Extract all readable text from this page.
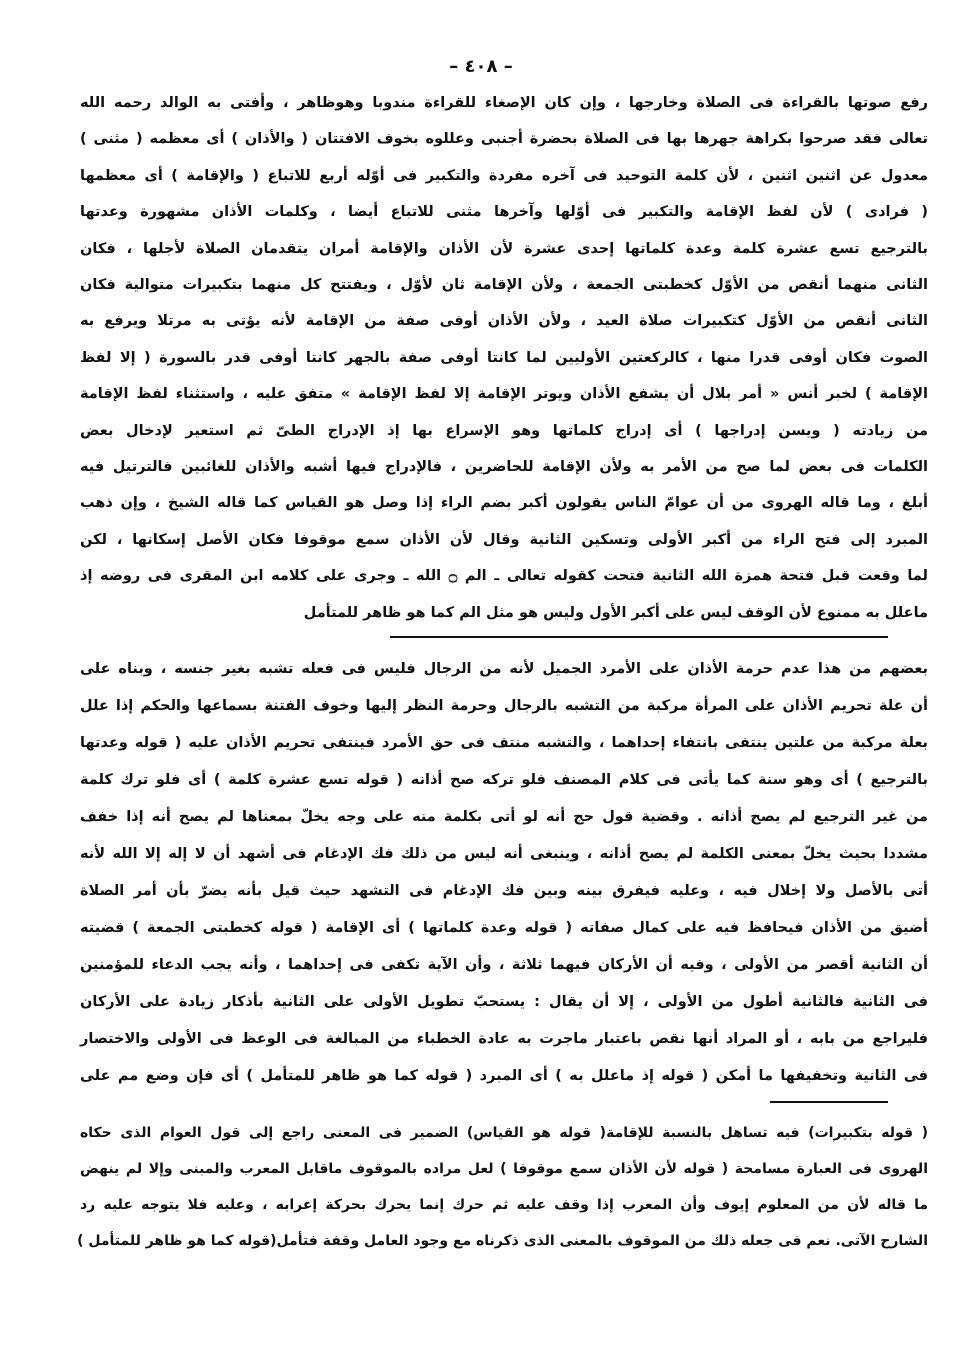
– ٤٠٨ –
رفع صوتها بالقراءة فى الصلاة وخارجها ، وإن كان الإصغاء للقراءة مندوبا وهوظاهر ، وأفتى به الوالد رحمه الله
تعالى فقد صرحوا بكراهة جهرها بها فى الصلاة بحضرة أجنبى وعللوه بخوف الافتتان ( والأذان ) أى معظمه ( مثنى )
معدول عن اثنين اثنين ، لأن كلمة التوحيد فى آخره مفردة والتكبير فى أوّله أربع للاتباع ( والإقامة ) أى معظمها
( فرادى ) لأن لفظ الإقامة والتكبير فى أوّلها وآخرها مثنى للاتباع أيضا ، وكلمات الأذان مشهورة وعدتها
بالترجيع تسع عشرة كلمة وعدة كلماتها إحدى عشرة لأن الأذان والإقامة أمران يتقدمان الصلاة لأجلها ، فكان
الثانى منهما أنقص من الأوّل كخطبتى الجمعة ، ولأن الإقامة ثان لأوّل ، ويفتتح كل منهما بتكبيرات متوالية فكان
الثانى أنقص من الأوّل كتكبيرات صلاة العيد ، ولأن الأذان أوفى صفة من الإقامة لأنه يؤتى به مرتلا ويرفع به
الصوت فكان أوفى قدرا منها ، كالركعتين الأوليين لما كانتا أوفى صفة بالجهر كانتا أوفى قدر بالسورة ( إلا لفظ
الإقامة ) لخبر أنس « أمر بلال أن يشفع الأذان ويوتر الإقامة إلا لفظ الإقامة » متفق عليه ، واستثناء لفظ الإقامة
من زيادته ( ويسن إدراجها ) أى إدراج كلماتها وهو الإسراع بها إذ الإدراج الطىّ ثم استعير لإدخال بعض
الكلمات فى بعض لما صح من الأمر به ولأن الإقامة للحاضرين ، فالإدراج فيها أشبه والأذان للغائبين فالترتيل فيه
أبلغ ، وما قاله الهروى من أن عوامّ الناس يقولون أكبر بضم الراء إذا وصل هو القياس كما قاله الشيخ ، وإن ذهب
المبرد إلى فتح الراء من أكبر الأولى وتسكين الثانية وقال لأن الأذان سمع موقوفا فكان الأصل إسكانها ، لكن
لما وقعت قبل فتحة همزة الله الثانية فتحت كقوله تعالى ـ الم ۝ الله ـ وجرى على كلامه ابن المقرى فى روضه إذ
ماعلل به ممنوع لأن الوقف ليس على أكبر الأول وليس هو مثل الم كما هو ظاهر للمتأمل
بعضهم من هذا عدم حرمة الأذان على الأمرد الجميل لأنه من الرجال فليس فى فعله تشبه بغير جنسه ، وبناه على
أن علة تحريم الأذان على المرأة مركبة من التشبه بالرجال وحرمة النظر إليها وخوف الفتنة بسماعها والحكم إذا علل
بعلة مركبة من علتين ينتفى بانتفاء إحداهما ، والتشبه منتف فى حق الأمرد فينتفى تحريم الأذان عليه ( قوله وعدتها
بالترجيع ) أى وهو سنة كما يأتى فى كلام المصنف فلو تركه صح أذانه ( قوله تسع عشرة كلمة ) أى فلو ترك كلمة
من غير الترجيع لم يصح أذانه . وقضية قول حج أنه لو أتى بكلمة منه على وجه يخلّ بمعناها لم يصح أنه إذا خفف
مشددا بحيث يخلّ بمعنى الكلمة لم يصح أذانه ، وينبغى أنه ليس من ذلك فك الإدغام فى أشهد أن لا إله إلا الله لأنه
أتى بالأصل ولا إخلال فيه ، وعليه فيفرق بينه وبين فك الإدغام فى التشهد حيث قيل بأنه يضرّ بأن أمر الصلاة
أضيق من الأذان فيحافظ فيه على كمال صفاته ( قوله وعدة كلماتها ) أى الإقامة ( قوله كخطبتى الجمعة ) قضيته
أن الثانية أقصر من الأولى ، وفيه أن الأركان فيهما ثلاثة ، وأن الآية تكفى فى إحداهما ، وأنه يجب الدعاء للمؤمنين
فى الثانية فالثانية أطول من الأولى ، إلا أن يقال : يستحبّ تطويل الأولى على الثانية بأذكار زيادة على الأركان
فليراجع من بابه ، أو المراد أنها نقص باعتبار ماجرت به عادة الخطباء من المبالغة فى الوعظ فى الأولى والاختصار
فى الثانية وتخفيفها ما أمكن ( قوله إذ ماعلل به ) أى المبرد ( قوله كما هو ظاهر للمتأمل ) أى فإن وضع مم على
( قوله بتكبيرات) فيه تساهل بالنسبة للإقامة( قوله هو القياس) الضمير فى المعنى راجع إلى قول العوام الذى حكاه
الهروى فى العبارة مسامحة ( قوله لأن الأذان سمع موقوفا ) لعل مراده بالموقوف ماقابل المعرب والمبنى وإلا لم ينهض
ما قاله لأن من المعلوم إيوف وأن المعرب إذا وقف عليه ثم حرك إنما يحرك بحركة إعرابه ، وعليه فلا يتوجه عليه رد
الشارح الآتى. نعم فى جعله ذلك من الموقوف بالمعنى الذى ذكرناه مع وجود العامل وقفة فتأمل(قوله كما هو ظاهر للمتأمل )
